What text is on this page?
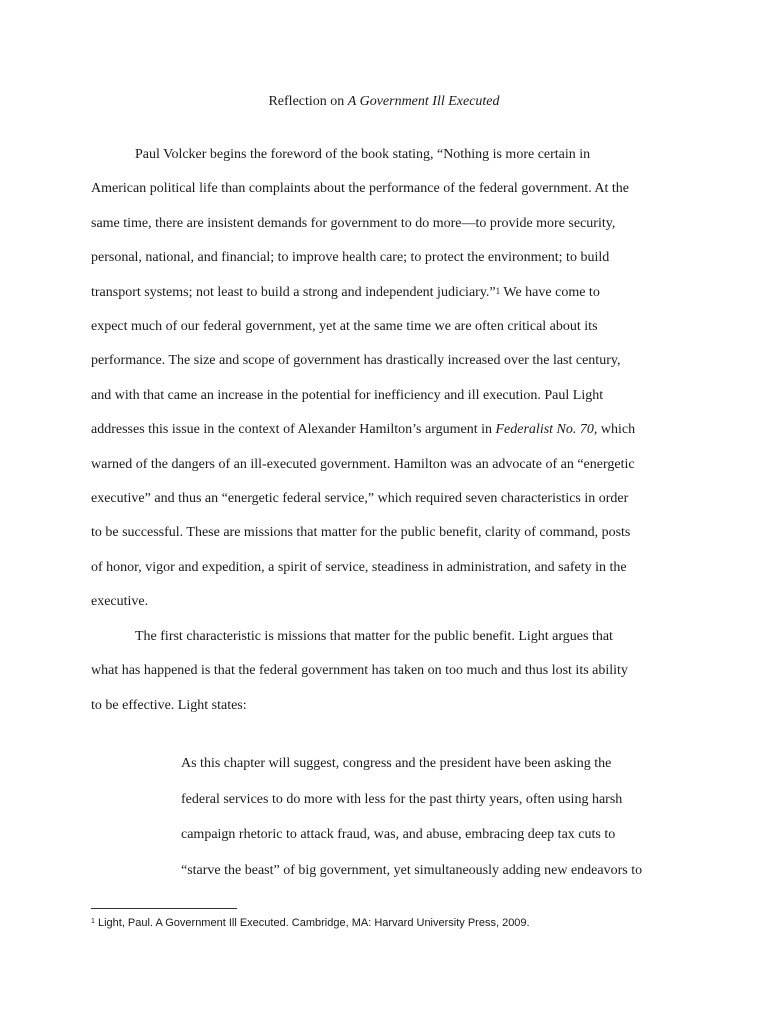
Reflection on A Government Ill Executed
Paul Volcker begins the foreword of the book stating, “Nothing is more certain in
American political life than complaints about the performance of the federal government. At the
same time, there are insistent demands for government to do more—to provide more security,
personal, national, and financial; to improve health care; to protect the environment; to build
transport systems; not least to build a strong and independent judiciary.”$^1$ We have come to
expect much of our federal government, yet at the same time we are often critical about its
performance. The size and scope of government has drastically increased over the last century,
and with that came an increase in the potential for inefficiency and ill execution. Paul Light
addresses this issue in the context of Alexander Hamilton’s argument in Federalist No. 70, which
warned of the dangers of an ill-executed government. Hamilton was an advocate of an “energetic
executive” and thus an “energetic federal service,” which required seven characteristics in order
to be successful. These are missions that matter for the public benefit, clarity of command, posts
of honor, vigor and expedition, a spirit of service, steadiness in administration, and safety in the
executive.
The first characteristic is missions that matter for the public benefit. Light argues that
what has happened is that the federal government has taken on too much and thus lost its ability
to be effective. Light states:
As this chapter will suggest, congress and the president have been asking the
federal services to do more with less for the past thirty years, often using harsh
campaign rhetoric to attack fraud, was, and abuse, embracing deep tax cuts to
“starve the beast” of big government, yet simultaneously adding new endeavors to
$^1$ Light, Paul. A Government Ill Executed. Cambridge, MA: Harvard University Press, 2009.
